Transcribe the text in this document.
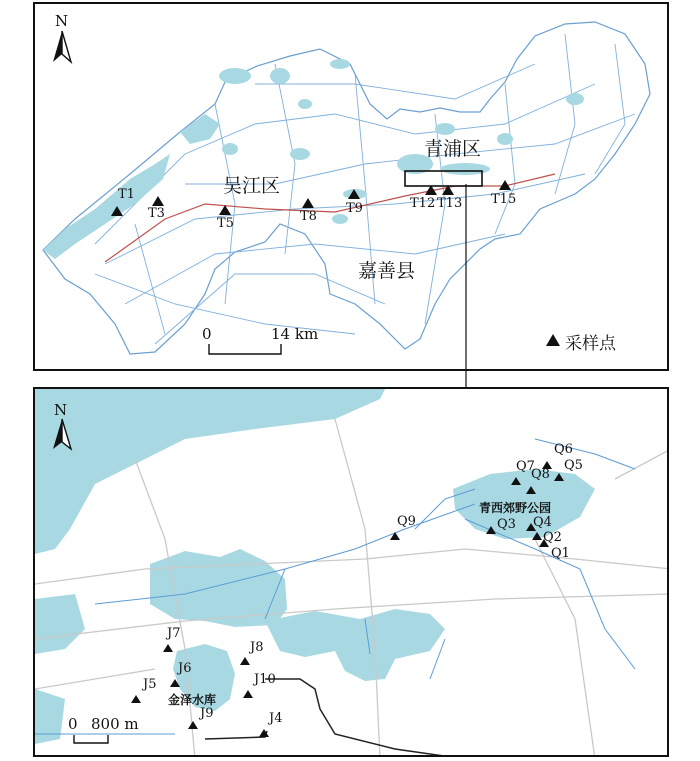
N
吴江区
青浦区
嘉善县
T1
T3
T5	T8
T9	T12 T13 T15
0	14 km	采样点
N
Q6
Q7
Q8
Q5
青西郊野公园
Q3 Q4
Q2
Q1
Q9
J7
J8
J6
J5	J10
金泽水库
J9	J4
0 800 m
